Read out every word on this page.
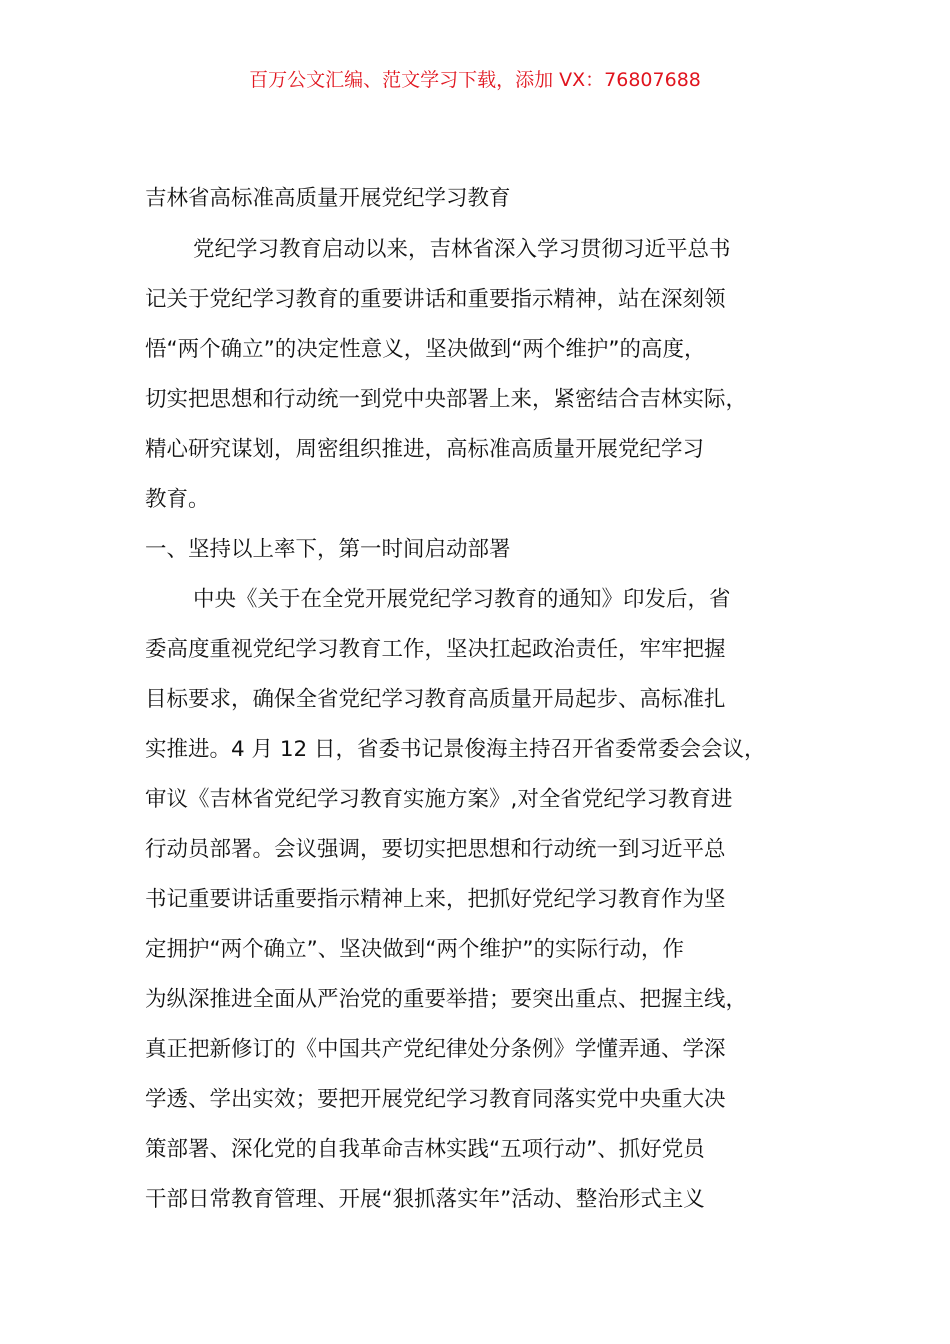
百万公文汇编、范文学习下载，添加 VX：76807688
吉林省高标准高质量开展党纪学习教育
党纪学习教育启动以来，吉林省深入学习贯彻习近平总书
记关于党纪学习教育的重要讲话和重要指示精神，站在深刻领
悟“两个确立”的决定性意义，坚决做到“两个维护”的高度，
切实把思想和行动统一到党中央部署上来，紧密结合吉林实际，
精心研究谋划，周密组织推进，高标准高质量开展党纪学习
教育。
一、坚持以上率下，第一时间启动部署
中央《关于在全党开展党纪学习教育的通知》印发后，省
委高度重视党纪学习教育工作，坚决扛起政治责任，牢牢把握
目标要求，确保全省党纪学习教育高质量开局起步、高标准扎
实推进。4 月 12 日，省委书记景俊海主持召开省委常委会会议，
审议《吉林省党纪学习教育实施方案》,对全省党纪学习教育进
行动员部署。会议强调，要切实把思想和行动统一到习近平总
书记重要讲话重要指示精神上来，把抓好党纪学习教育作为坚
定拥护“两个确立”、坚决做到“两个维护”的实际行动，作
为纵深推进全面从严治党的重要举措；要突出重点、把握主线，
真正把新修订的《中国共产党纪律处分条例》学懂弄通、学深
学透、学出实效；要把开展党纪学习教育同落实党中央重大决
策部署、深化党的自我革命吉林实践“五项行动”、抓好党员
干部日常教育管理、开展“狠抓落实年”活动、整治形式主义
